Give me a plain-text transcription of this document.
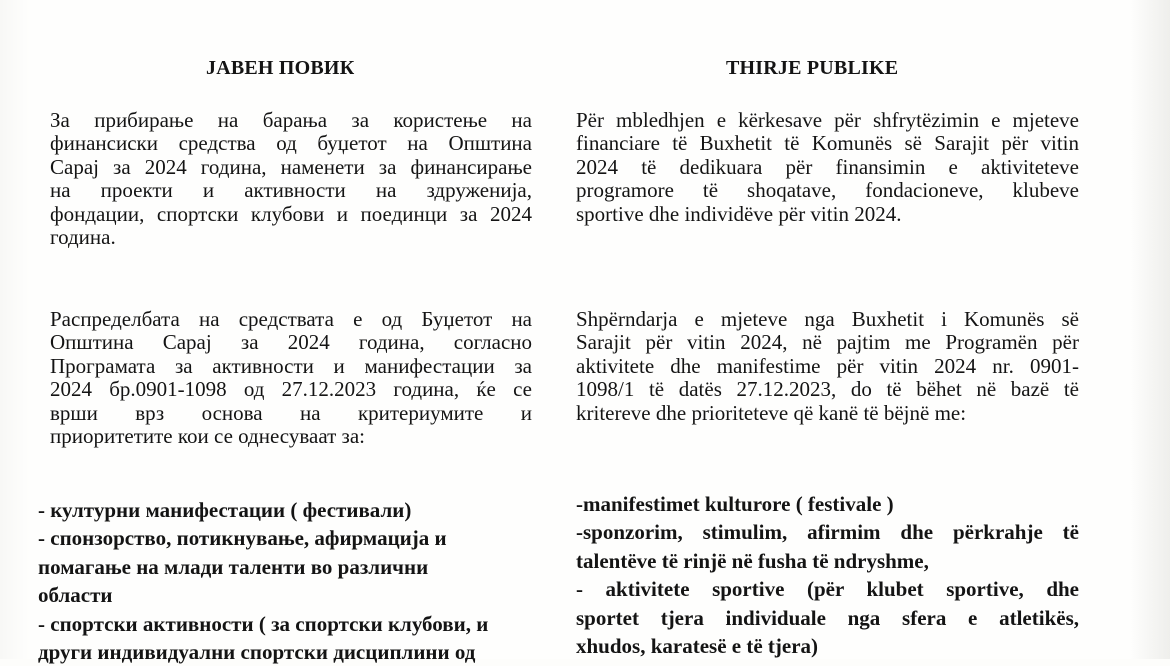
ЈАВЕН ПОВИК
За прибирање на барања за користење на
финансиски средства од буџетот на Општина
Сарај за 2024 година, наменети за финансирање
на проекти и активности на здруженија,
фондации, спортски клубови и поединци за 2024
година.
Распределбата на средствата е од Буџетот на
Општина Сарај за 2024 година, согласно
Програмата за активности и манифестации за
2024 бр.0901-1098 од 27.12.2023 година, ќе се
врши врз основа на критериумите и
приоритетите кои се однесуваат за:
- културни манифестации ( фестивали)
- спонзорство, потикнување, афирмација и
помагање на млади таленти во различни
области
- спортски активности ( за спортски клубови, и
други индивидуални спортски дисциплини од
THIRJE PUBLIKE
Për mbledhjen e kërkesave për shfrytëzimin e mjeteve
financiare të Buxhetit të Komunës së Sarajit për vitin
2024 të dedikuara për finansimin e aktiviteteve
programore të shoqatave, fondacioneve, klubeve
sportive dhe individëve për vitin 2024.
Shpërndarja e mjeteve nga Buxhetit i Komunës së
Sarajit për vitin 2024, në pajtim me Programën për
aktivitete dhe manifestime për vitin 2024 nr. 0901-
1098/1 të datës 27.12.2023, do të bëhet në bazë të
kritereve dhe prioriteteve që kanë të bëjnë me:
-manifestimet kulturore ( festivale )
-sponzorim, stimulim, afirmim dhe përkrahje të
talentëve të rinjë në fusha të ndryshme,
- aktivitete sportive (për klubet sportive, dhe
sportet tjera individuale nga sfera e atletikës,
xhudos, karatesë e të tjera)
